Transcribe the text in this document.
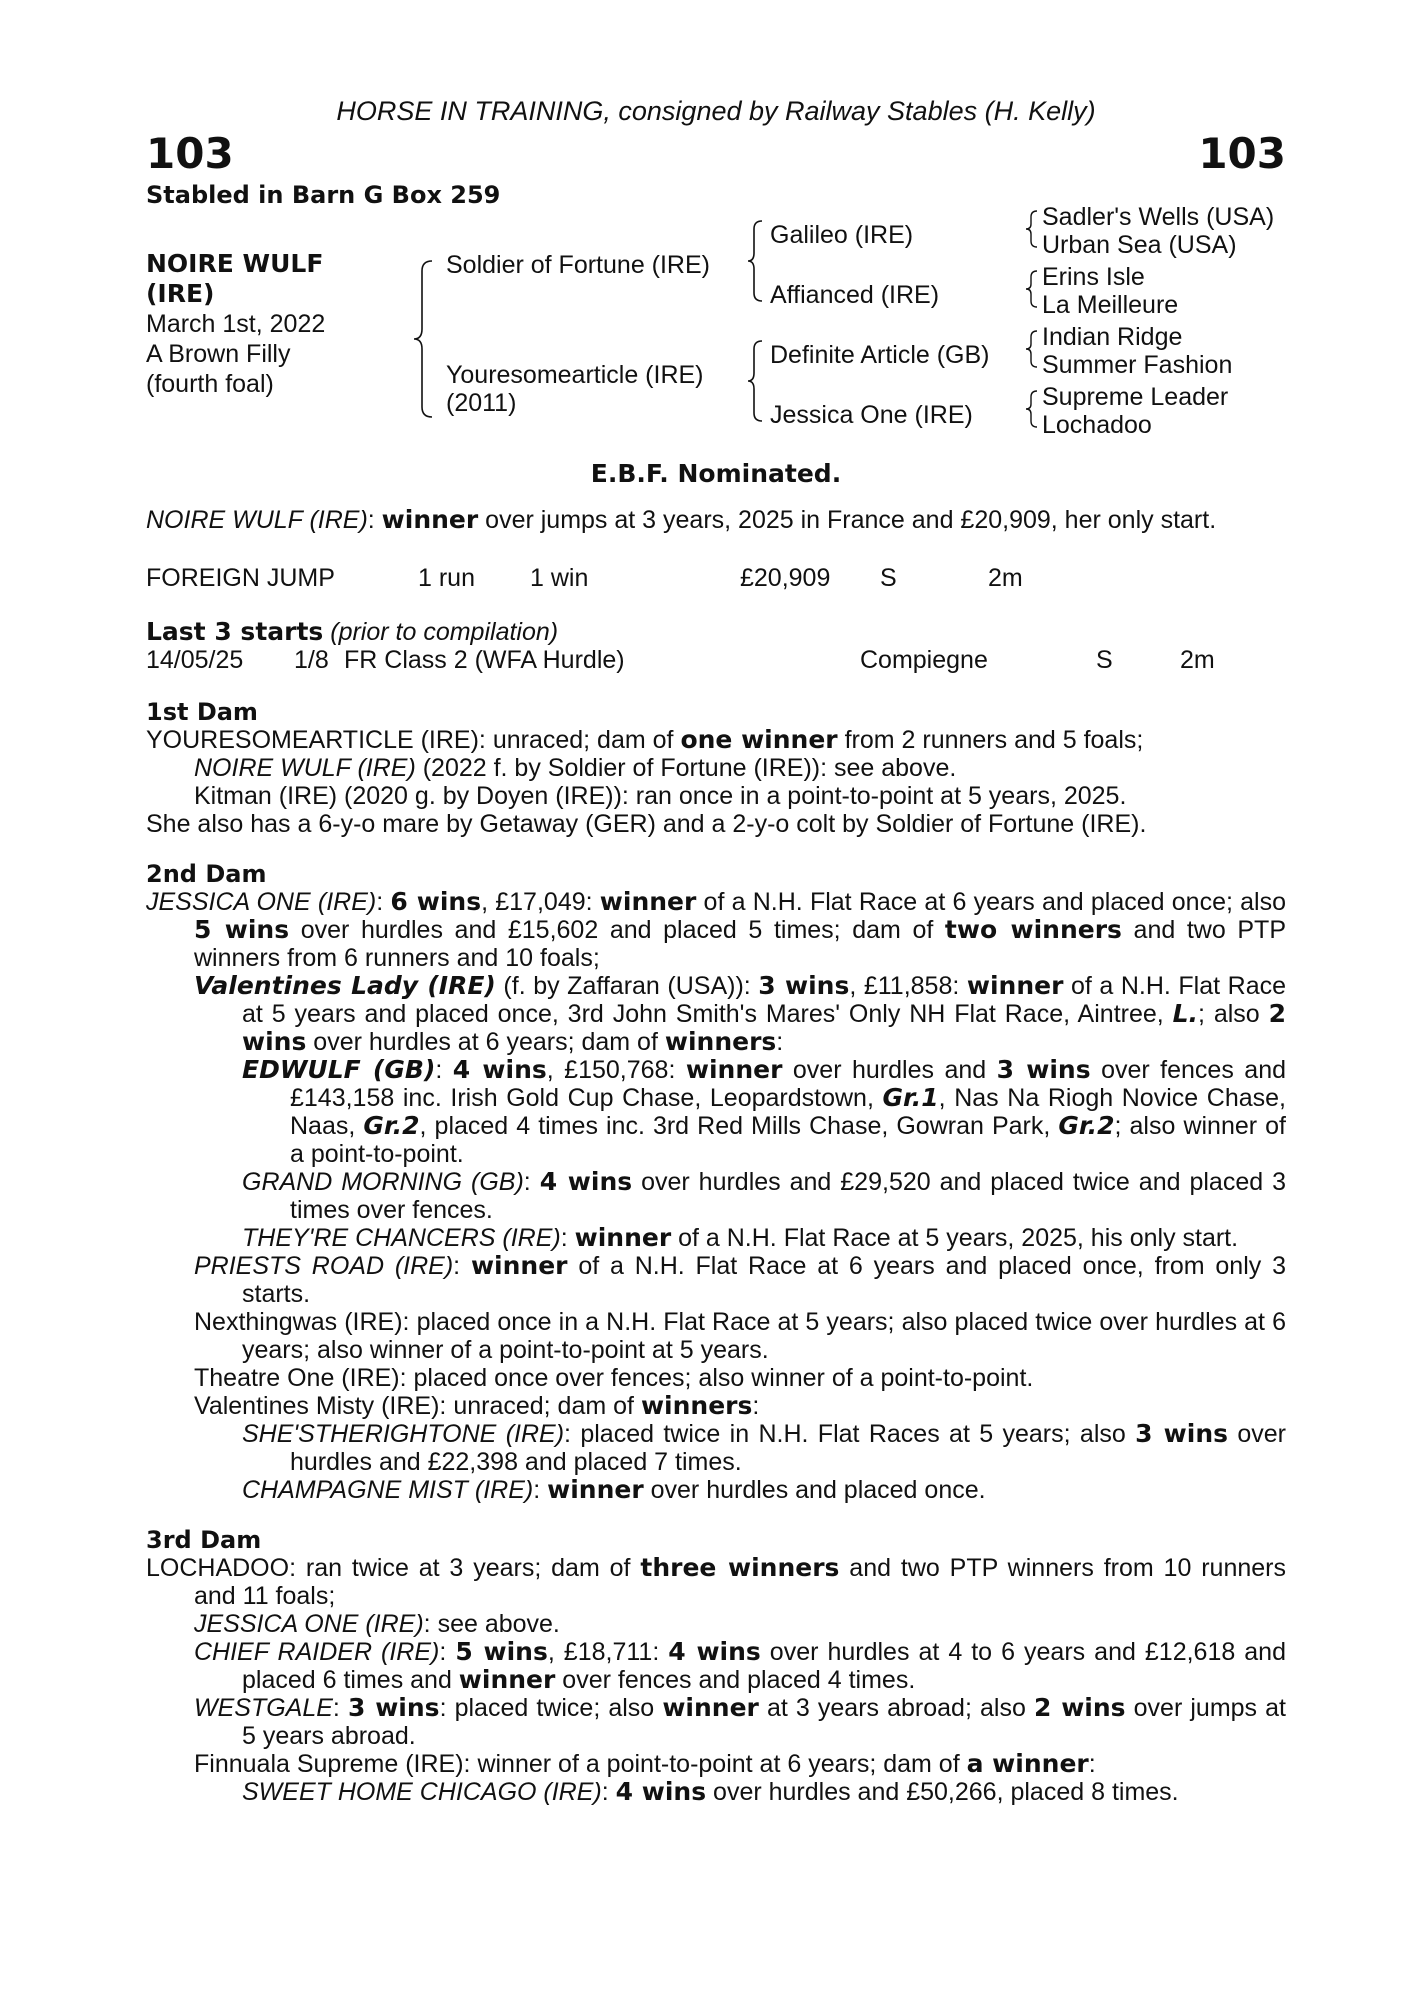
HORSE IN TRAINING, consigned by Railway Stables (H. Kelly)
103	103
Stabled in Barn G Box 259
NOIRE WULF
(IRE)
March 1st, 2022
A Brown Filly
(fourth foal)
Soldier of Fortune (IRE)
Youresomearticle (IRE)
(2011)
Galileo (IRE)
Affianced (IRE)
Definite Article (GB)
Jessica One (IRE)
Sadler's Wells (USA)
Urban Sea (USA)
Erins Isle
La Meilleure
Indian Ridge
Summer Fashion
Supreme Leader
Lochadoo
E.B.F. Nominated.

NOIRE WULF (IRE): winner over jumps at 3 years, 2025 in France and £20,909, her only start.

FOREIGN JUMP	1 run 1 win	£20,909 S	2m
Last 3 starts (prior to compilation)
14/05/25 1/8 FR Class 2 (WFA Hurdle)	Compiegne	S	2m
1st Dam

YOURESOMEARTICLE (IRE): unraced; dam of one winner from 2 runners and 5 foals;

NOIRE WULF (IRE) (2022 f. by Soldier of Fortune (IRE)): see above.

Kitman (IRE) (2020 g. by Doyen (IRE)): ran once in a point-to-point at 5 years, 2025.

She also has a 6-y-o mare by Getaway (GER) and a 2-y-o colt by Soldier of Fortune (IRE).

2nd Dam

JESSICA ONE (IRE): 6 wins, £17,049: winner of a N.H. Flat Race at 6 years and placed once; also 5 wins over hurdles and £15,602 and placed 5 times; dam of two winners and two PTP winners from 6 runners and 10 foals;

Valentines Lady (IRE) (f. by Zaffaran (USA)): 3 wins, £11,858: winner of a N.H. Flat Race at 5 years and placed once, 3rd John Smith's Mares' Only NH Flat Race, Aintree, L.; also 2 wins over hurdles at 6 years; dam of winners:

EDWULF (GB): 4 wins, £150,768: winner over hurdles and 3 wins over fences and £143,158 inc. Irish Gold Cup Chase, Leopardstown, Gr.1, Nas Na Riogh Novice Chase, Naas, Gr.2, placed 4 times inc. 3rd Red Mills Chase, Gowran Park, Gr.2; also winner of a point-to-point.

GRAND MORNING (GB): 4 wins over hurdles and £29,520 and placed twice and placed 3 times over fences.

THEY'RE CHANCERS (IRE): winner of a N.H. Flat Race at 5 years, 2025, his only start.

PRIESTS ROAD (IRE): winner of a N.H. Flat Race at 6 years and placed once, from only 3 starts.

Nexthingwas (IRE): placed once in a N.H. Flat Race at 5 years; also placed twice over hurdles at 6 years; also winner of a point-to-point at 5 years.

Theatre One (IRE): placed once over fences; also winner of a point-to-point.

Valentines Misty (IRE): unraced; dam of winners:

SHE'STHERIGHTONE (IRE): placed twice in N.H. Flat Races at 5 years; also 3 wins over hurdles and £22,398 and placed 7 times.

CHAMPAGNE MIST (IRE): winner over hurdles and placed once.

3rd Dam

LOCHADOO: ran twice at 3 years; dam of three winners and two PTP winners from 10 runners and 11 foals;

JESSICA ONE (IRE): see above.

CHIEF RAIDER (IRE): 5 wins, £18,711: 4 wins over hurdles at 4 to 6 years and £12,618 and placed 6 times and winner over fences and placed 4 times.

WESTGALE: 3 wins: placed twice; also winner at 3 years abroad; also 2 wins over jumps at 5 years abroad.

Finnuala Supreme (IRE): winner of a point-to-point at 6 years; dam of a winner:

SWEET HOME CHICAGO (IRE): 4 wins over hurdles and £50,266, placed 8 times.
